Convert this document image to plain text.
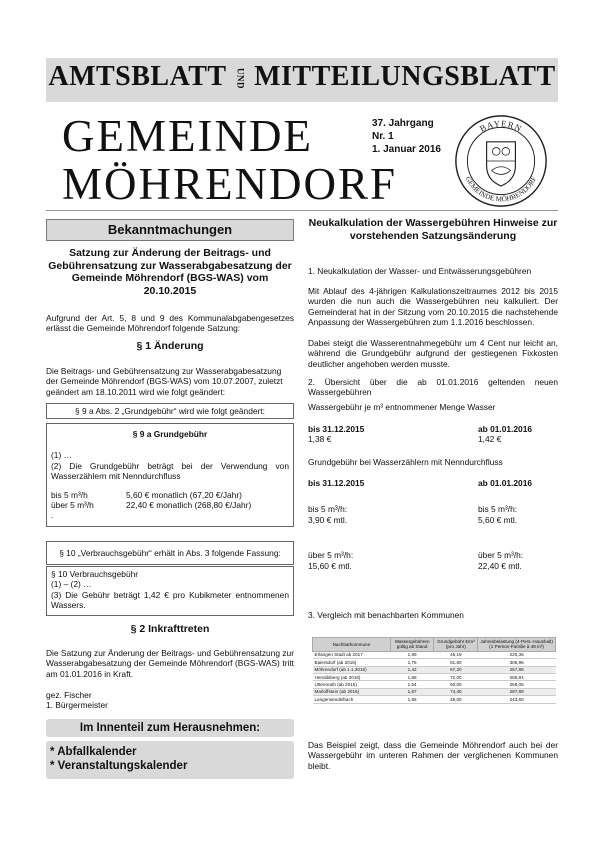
AMTSBLATT UND MITTEILUNGSBLATT

GEMEINDE
MÖHRENDORF
37. Jahrgang
Nr. 1
1. Januar 2016
BAYERN
GEMEINDE MÖHRENDORF
Bekanntmachungen
Satzung zur Änderung der Beitrags- und Gebührensatzung zur Wasserabgabesatzung der Gemeinde Möhrendorf (BGS-WAS) vom 20.10.2015
Aufgrund der Art. 5, 8 und 9 des Kommunalabgabengesetzes erlässt die Gemeinde Möhrendorf folgende Satzung:
§ 1 Änderung
Die Beitrags- und Gebührensatzung zur Wasserabgabesatzung der Gemeinde Möhrendorf (BGS-WAS) vom 10.07.2007, zuletzt geändert am 18.10.2011 wird wie folgt geändert:
§ 9 a Abs. 2 „Grundgebühr“ wird wie folgt geändert:
§ 9 a Grundgebühr
(1) …
(2) Die Grundgebühr beträgt bei der Verwendung von Wasserzählern mit Nenndurchfluss
bis 5 m³/h	5,60 € monatlich (67,20 €/Jahr)
über 5 m³/h	22,40 € monatlich (268,80 €/Jahr)
.
§ 10 „Verbrauchsgebühr“ erhält in Abs. 3 folgende Fassung:
§ 10 Verbrauchsgebühr
(1) – (2) …
(3) Die Gebühr beträgt 1,42 € pro Kubikmeter entnommenen Wassers.
§ 2 Inkrafttreten
Die Satzung zur Änderung der Beitrags- und Gebührensatzung zur Wasserabgabesatzung der Gemeinde Möhrendorf (BGS-WAS) tritt am 01.01.2016 in Kraft.
gez. Fischer
1. Bürgermeister
Im Innenteil zum Herausnehmen:
* Abfallkalender
* Veranstaltungskalender
Neukalkulation der Wassergebühren Hinweise zur vorstehenden Satzungsänderung
1. Neukalkulation der Wasser- und Entwässerungsgebühren
Mit Ablauf des 4-jährigen Kalkulationszeitraumes 2012 bis 2015 wurden die nun auch die Wassergebühren neu kalkuliert. Der Gemeinderat hat in der Sitzung vom 20.10.2015 die nachstehende Anpassung der Wassergebühren zum 1.1.2016 beschlossen.
Dabei steigt die Wasserentnahmegebühr um 4 Cent nur leicht an, während die Grundgebühr aufgrund der gestiegenen Fixkosten deutlicher angehoben werden musste.
2. Übersicht über die ab 01.01.2016 geltenden neuen Wassergebühren
Wassergebühr je m³ entnommener Menge Wasser
bis 31.12.2015	ab 01.01.2016
1,38 €	1,42 €
Grundgebühr bei Wasserzählern mit Nenndurchfluss
bis 31.12.2015	ab 01.01.2016
bis 5 m³/h:	bis 5 m³/h:
3,90 € mtl.	5,60 € mtl.
über 5 m³/h:	über 5 m³/h:
15,60 € mtl.	22,40 € mtl.
3. Vergleich mit benachbarten Kommunen
Nachbarkommune	Wassergebühren gültig ab Stand	Grundgebühr €/m³ (pro Jahr)	Jahresbelastung (4-Pers.-Haushalt) (1 Person-Familie à 48 m³)
Erlangen Stadt ab 2017	1,69	45,19	220,36
Baiersdorf (ab 2016)	1,75	81,60	306,96
Möhrendorf (ab 1.1.2016)	1,42	67,20	257,88
Heroldsberg (ab 2016)	1,58	72,00	285,84
Uttenreuth (ab 2015)	1,54	60,00	268,06
Marloffstein (ab 2016)	1,67	74,40	287,88
Langensendelbach	1,55	48,00	243,60
Das Beispiel zeigt, dass die Gemeinde Möhrendorf auch bei der Wassergebühr im unteren Rahmen der verglichenen Kommunen bleibt.
